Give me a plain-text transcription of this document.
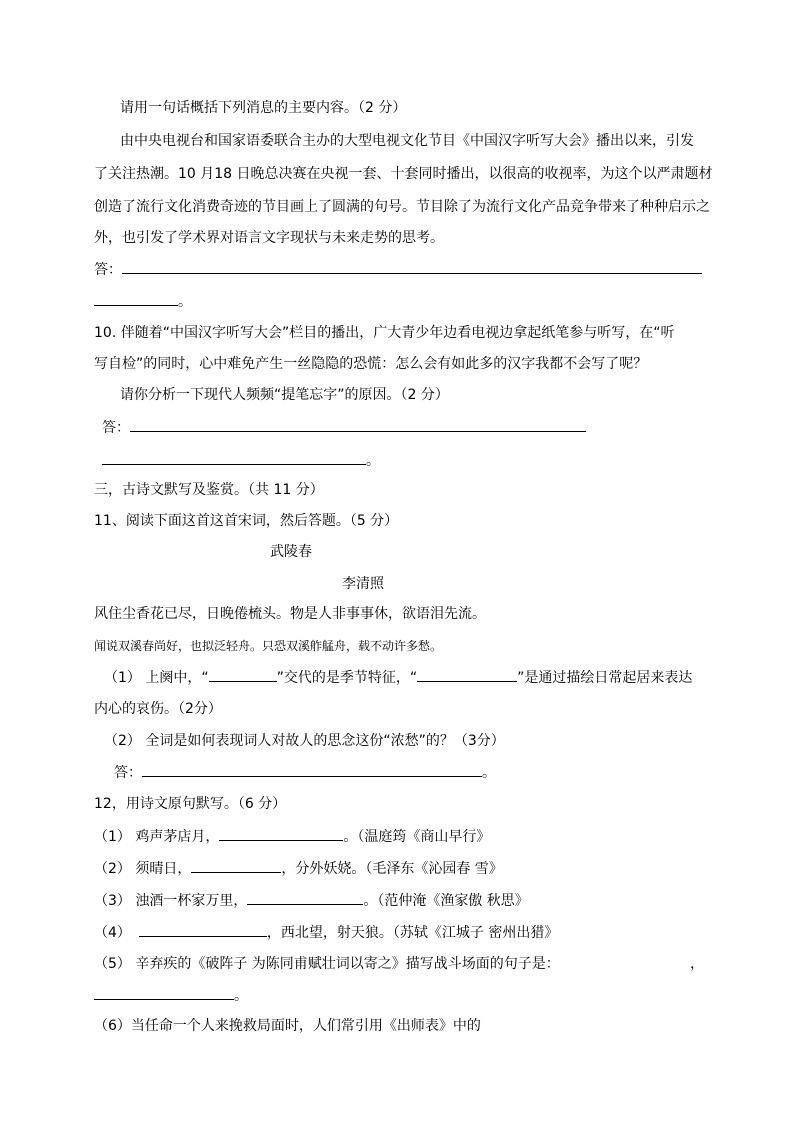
请用一句话概括下列消息的主要内容。（2 分）
由中央电视台和国家语委联合主办的大型电视文化节目《中国汉字听写大会》播出以来，引发
了关注热潮。10 月18 日晚总决赛在央视一套、十套同时播出，以很高的收视率，为这个以严肃题材
创造了流行文化消费奇迹的节目画上了圆满的句号。节目除了为流行文化产品竞争带来了种种启示之
外，也引发了学术界对语言文字现状与未来走势的思考。
答：
。
10. 伴随着“中国汉字听写大会”栏目的播出，广大青少年边看电视边拿起纸笔参与听写，在“听
写自检”的同时，心中难免产生一丝隐隐的恐慌：怎么会有如此多的汉字我都不会写了呢？
请你分析一下现代人频频“提笔忘字”的原因。（2 分）
答：
。
三，古诗文默写及鉴赏。（共 11 分）
11、阅读下面这首这首宋词，然后答题。（5 分）
武陵春
李清照
风住尘香花已尽，日晚倦梳头。物是人非事事休，欲语泪先流。
闻说双溪春尚好，也拟泛轻舟。只恐双溪舴艋舟，载不动许多愁。
（1） 上阕中，“	”交代的是季节特征，“	”是通过描绘日常起居来表达
内心的哀伤。（2分）
（2） 全词是如何表现词人对故人的思念这份“浓愁”的？（3分）
答：	。
12，用诗文原句默写。（6 分）
（1） 鸡声茅店月，	。（温庭筠《商山早行》
（2） 须晴日，	，分外妖娆。（毛泽东《沁园春 雪》
（3） 浊酒一杯家万里，	。（范仲淹《渔家傲 秋思》
（4）	，西北望，射天狼。（苏轼《江城子 密州出猎》
（5） 辛弃疾的《破阵子 为陈同甫赋壮词以寄之》描写战斗场面的句子是：	，
。
（6）当任命一个人来挽救局面时，人们常引用《出师表》中的
